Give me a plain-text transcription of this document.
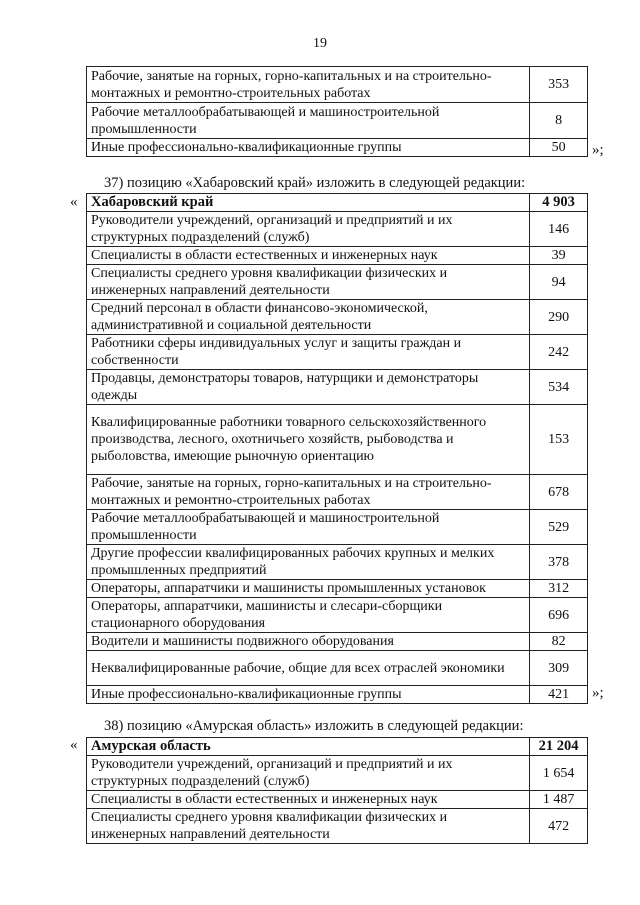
19
Рабочие, занятые на горных, горно-капитальных и на строительно-монтажных и ремонтно-строительных работах	353
Рабочие металлообрабатывающей и машиностроительной промышленности	8
Иные профессионально-квалификационные группы	50 »;
37) позицию «Хабаровский край» изложить в следующей редакции:
« Хабаровский край	4 903
Руководители учреждений, организаций и предприятий и их структурных подразделений (служб)	146
Специалисты в области естественных и инженерных наук	39
Специалисты среднего уровня квалификации физических и инженерных направлений деятельности	94
Средний персонал в области финансово-экономической, административной и социальной деятельности	290
Работники сферы индивидуальных услуг и защиты граждан и собственности	242
Продавцы, демонстраторы товаров, натурщики и демонстраторы одежды	534
Квалифицированные работники товарного сельскохозяйственного производства, лесного, охотничьего хозяйств, рыбоводства и рыболовства, имеющие рыночную ориентацию	153
Рабочие, занятые на горных, горно-капитальных и на строительно-монтажных и ремонтно-строительных работах	678
Рабочие металлообрабатывающей и машиностроительной промышленности	529
Другие профессии квалифицированных рабочих крупных и мелких промышленных предприятий	378
Операторы, аппаратчики и машинисты промышленных установок	312
Операторы, аппаратчики, машинисты и слесари-сборщики стационарного оборудования	696
Водители и машинисты подвижного оборудования	82
Неквалифицированные рабочие, общие для всех отраслей экономики	309
Иные профессионально-квалификационные группы	421 »;
38) позицию «Амурская область» изложить в следующей редакции:
« Амурская область	21 204
Руководители учреждений, организаций и предприятий и их структурных подразделений (служб)	1 654
Специалисты в области естественных и инженерных наук	1 487
Специалисты среднего уровня квалификации физических и инженерных направлений деятельности	472
